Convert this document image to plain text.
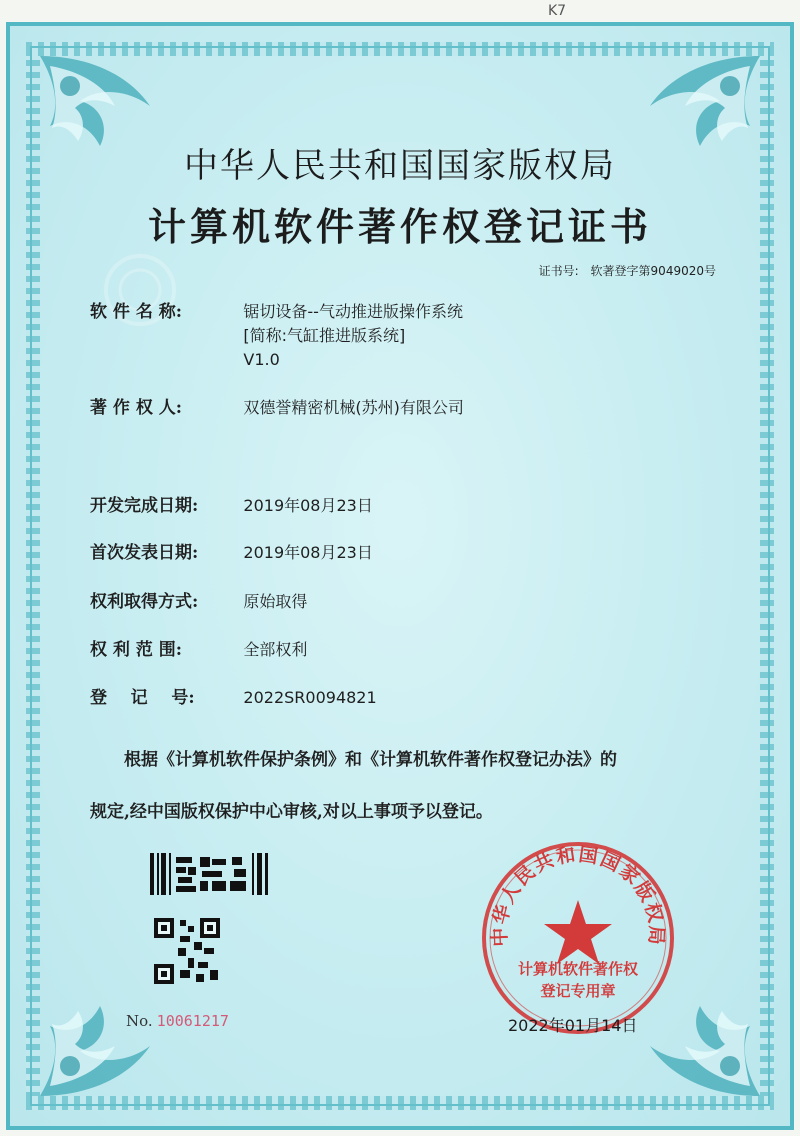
K7
中华人民共和国国家版权局
计算机软件著作权登记证书
证书号: 软著登字第9049020号
软 件 名 称:	锯切设备--气动推进版操作系统
[简称:气缸推进版系统]
V1.0
著 作 权 人:	双德誉精密机械(苏州)有限公司
开发完成日期:	2019年08月23日
首次发表日期:	2019年08月23日
权利取得方式:	原始取得
权 利 范 围:	全部权利
登    记    号:	2022SR0094821
根据《计算机软件保护条例》和《计算机软件著作权登记办法》的
规定,经中国版权保护中心审核,对以上事项予以登记。
No. 10061217
中华人民共和国国家版权局
计算机软件著作权
登记专用章
2022年01月14日
